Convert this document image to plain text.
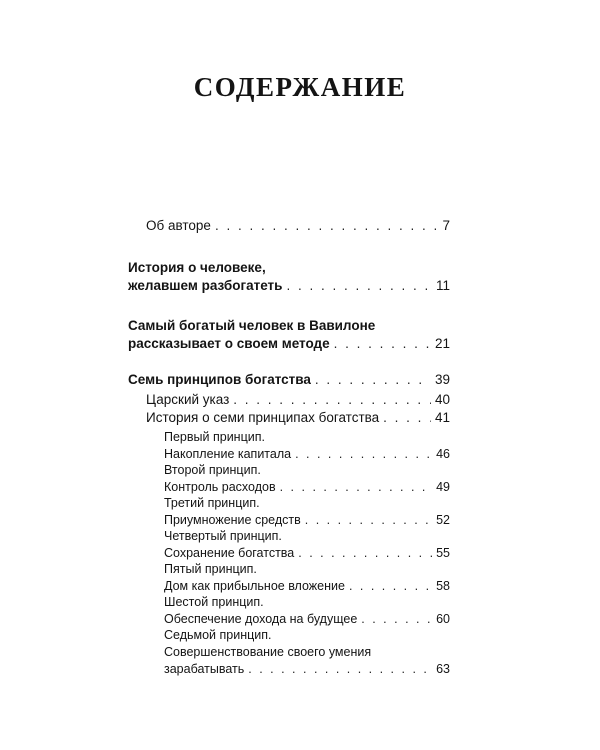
СОДЕРЖАНИЕ
Об авторе . . .	7
История о человеке,
желавшем разбогатеть . . .	11
Самый богатый человек в Вавилоне
рассказывает о своем методе . . .	21
Семь принципов богатства . . .	39
Царский указ . . .	40
История о семи принципах богатства . . .	41
Первый принцип.
Накопление капитала . . .	46
Второй принцип.
Контроль расходов . . .	49
Третий принцип.
Приумножение средств . . .	52
Четвертый принцип.
Сохранение богатства . . .	55
Пятый принцип.
Дом как прибыльное вложение . . .	58
Шестой принцип.
Обеспечение дохода на будущее . . .	60
Седьмой принцип.
Совершенствование своего умения
зарабатывать . . .	63
